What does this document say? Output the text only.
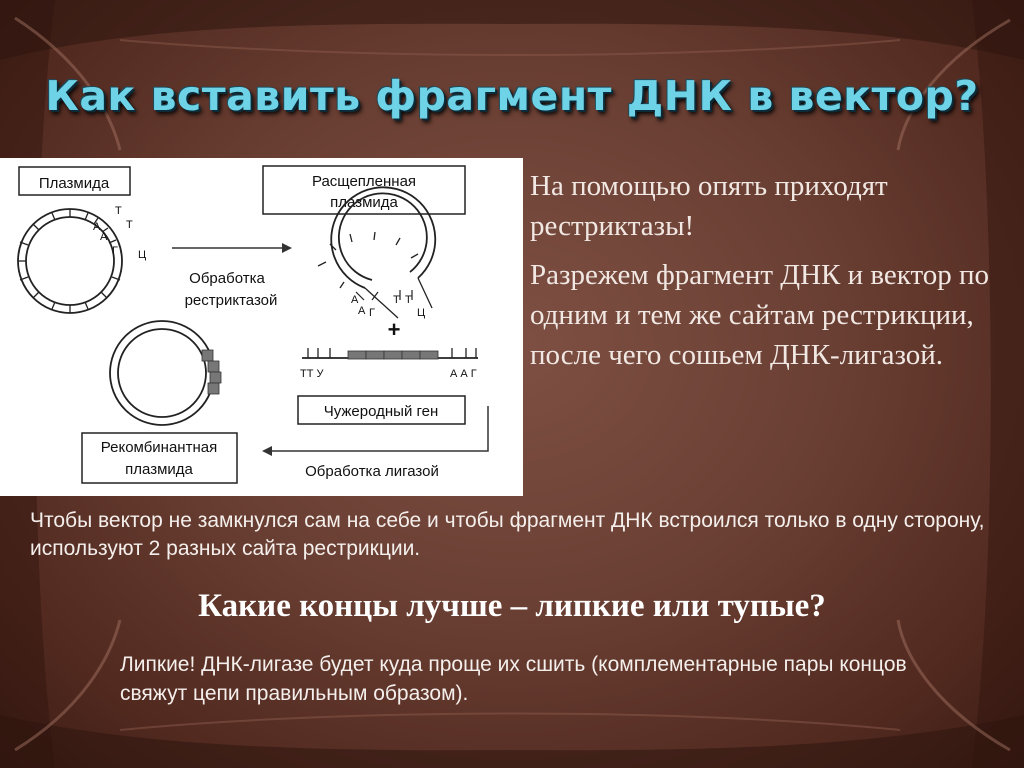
Как вставить фрагмент ДНК в вектор?
Плазмида
А
А
Т
Т
Г Ц
Обработка
рестриктазой
Расщепленная
плазмида
А
А Г
Т Т
Ц
+
ТТ У	А А Г
Чужеродный ген
Обработка лигазой
Рекомбинантная
плазмида

На помощью опять приходят рестриктазы!

Разрежем фрагмент ДНК и вектор по одним и тем же сайтам рестрикции, после чего сошьем ДНК-лигазой.

Чтобы вектор не замкнулся сам на себе и чтобы фрагмент ДНК встроился только в одну сторону, используют 2 разных сайта рестрикции.
Какие концы лучше – липкие или тупые?
Липкие! ДНК-лигазе будет куда проще их сшить (комплементарные пары концов свяжут цепи правильным образом).
